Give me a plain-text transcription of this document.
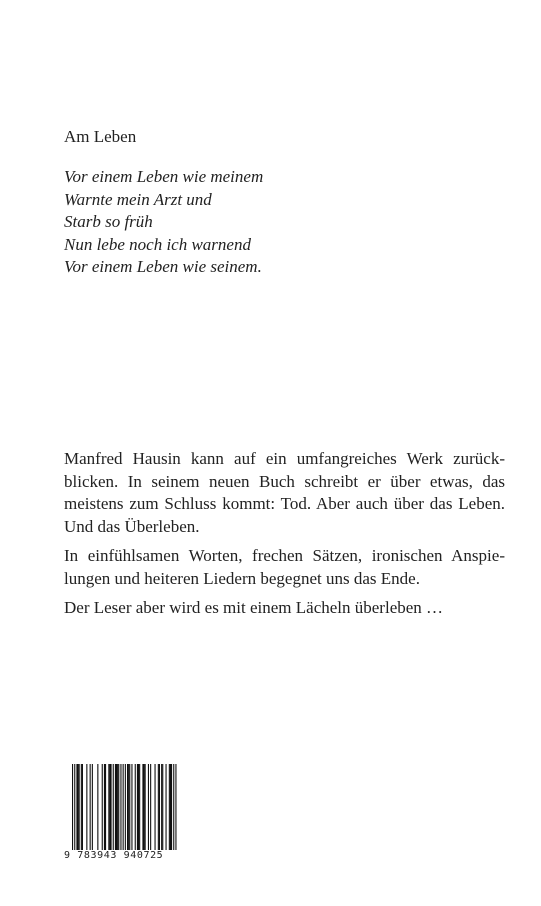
Am Leben
Vor einem Leben wie meinem
Warnte mein Arzt und
Starb so früh
Nun lebe noch ich warnend
Vor einem Leben wie seinem.

Manfred Hausin kann auf ein umfangreiches Werk zurückblicken. In seinem neuen Buch schreibt er über etwas, das meistens zum Schluss kommt: Tod. Aber auch über das Leben. Und das Überleben.

In einfühlsamen Worten, frechen Sätzen, ironischen Anspielungen und heiteren Liedern begegnet uns das Ende.

Der Leser aber wird es mit einem Lächeln überleben …

9 783943 940725
